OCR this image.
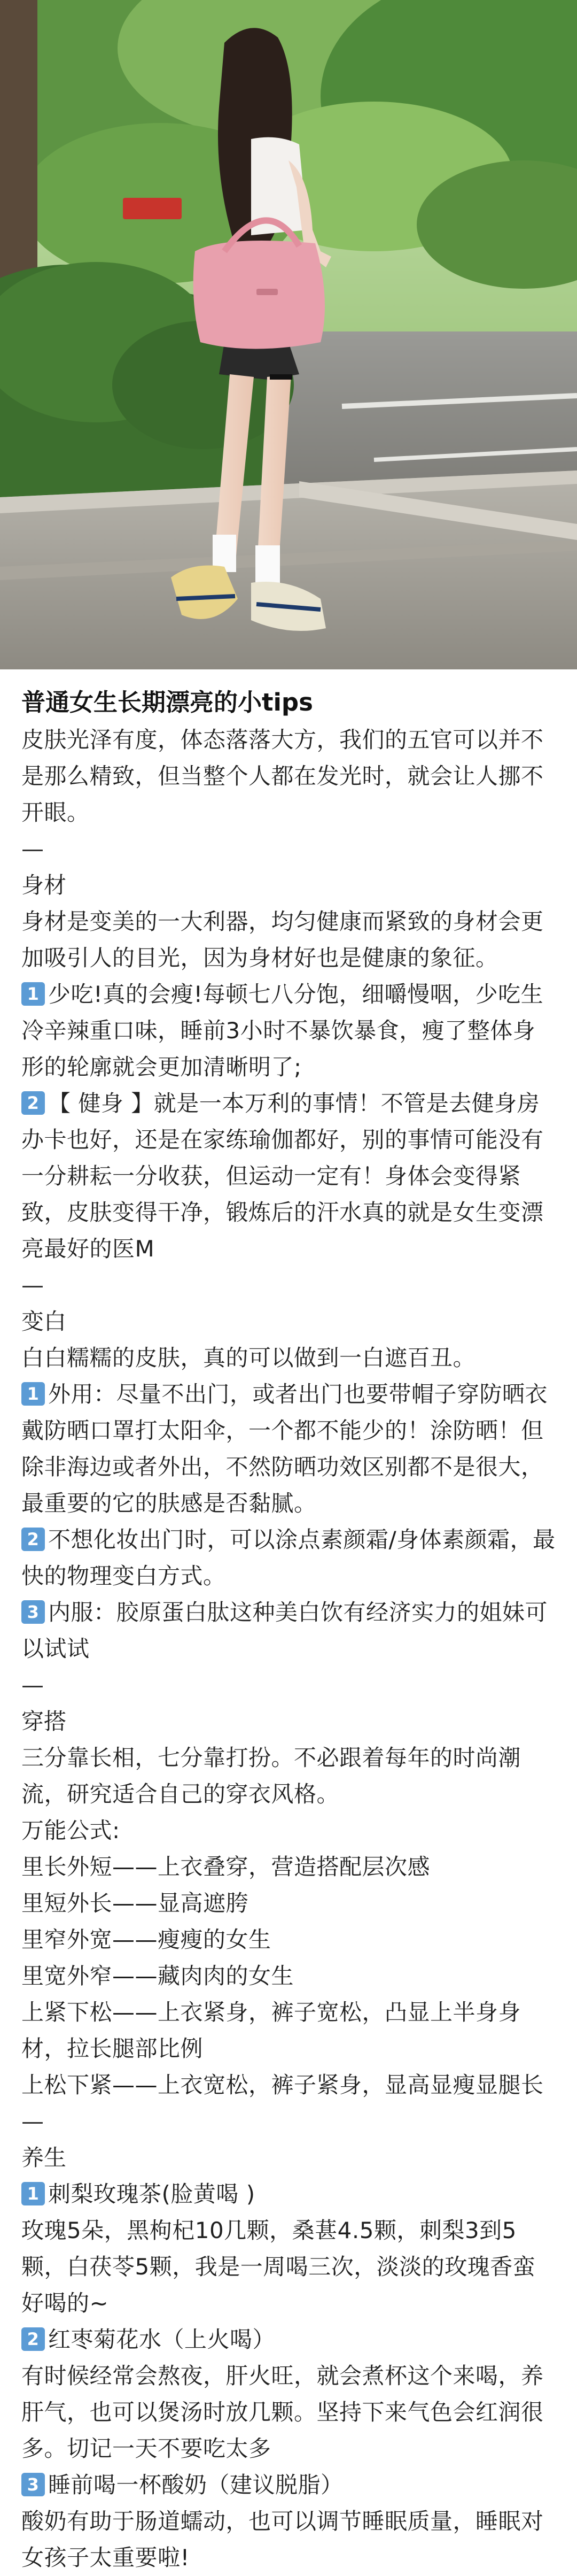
普通女生长期漂亮的小tips

皮肤光泽有度，体态落落大方，我们的五官可以并不是那么精致，但当整个人都在发光时，就会让人挪不开眼。

—

身材

身材是变美的一大利器，均匀健康而紧致的身材会更加吸引人的目光，因为身材好也是健康的象征。

1 少吃!真的会瘦!每顿七八分饱，细嚼慢咽，少吃生冷辛辣重口味，睡前3小时不暴饮暴食，瘦了整体身形的轮廓就会更加清晰明了;

2 【 健身 】就是一本万利的事情！不管是去健身房办卡也好，还是在家练瑜伽都好，别的事情可能没有一分耕耘一分收获，但运动一定有！身体会变得紧致，皮肤变得干净，锻炼后的汗水真的就是女生变漂亮最好的医M

—

变白

白白糯糯的皮肤，真的可以做到一白遮百丑。

1 外用：尽量不出门，或者出门也要带帽子穿防晒衣戴防晒口罩打太阳伞，一个都不能少的！涂防晒！但除非海边或者外出，不然防晒功效区别都不是很大，最重要的它的肤感是否黏腻。

2 不想化妆出门时，可以涂点素颜霜/身体素颜霜，最快的物理变白方式。

3 内服：胶原蛋白肽这种美白饮有经济实力的姐妹可以试试

—

穿搭

三分靠长相，七分靠打扮。不必跟着每年的时尚潮流，研究适合自己的穿衣风格。

万能公式:

里长外短——上衣叠穿，营造搭配层次感

里短外长——显高遮胯

里窄外宽——瘦瘦的女生

里宽外窄——藏肉肉的女生

上紧下松——上衣紧身，裤子宽松，凸显上半身身材，拉长腿部比例

上松下紧——上衣宽松，裤子紧身，显高显瘦显腿长

—

养生

1 刺梨玫瑰茶(脸黄喝 )

玫瑰5朵，黑枸杞10几颗，桑葚4.5颗，刺梨3到5颗，白茯苓5颗，我是一周喝三次，淡淡的玫瑰香蛮好喝的~

2 红枣菊花水（上火喝）

有时候经常会熬夜，肝火旺，就会煮杯这个来喝，养肝气，也可以煲汤时放几颗。坚持下来气色会红润很多。切记一天不要吃太多

3 睡前喝一杯酸奶（建议脱脂）

酸奶有助于肠道蠕动，也可以调节睡眠质量，睡眠对女孩子太重要啦!
